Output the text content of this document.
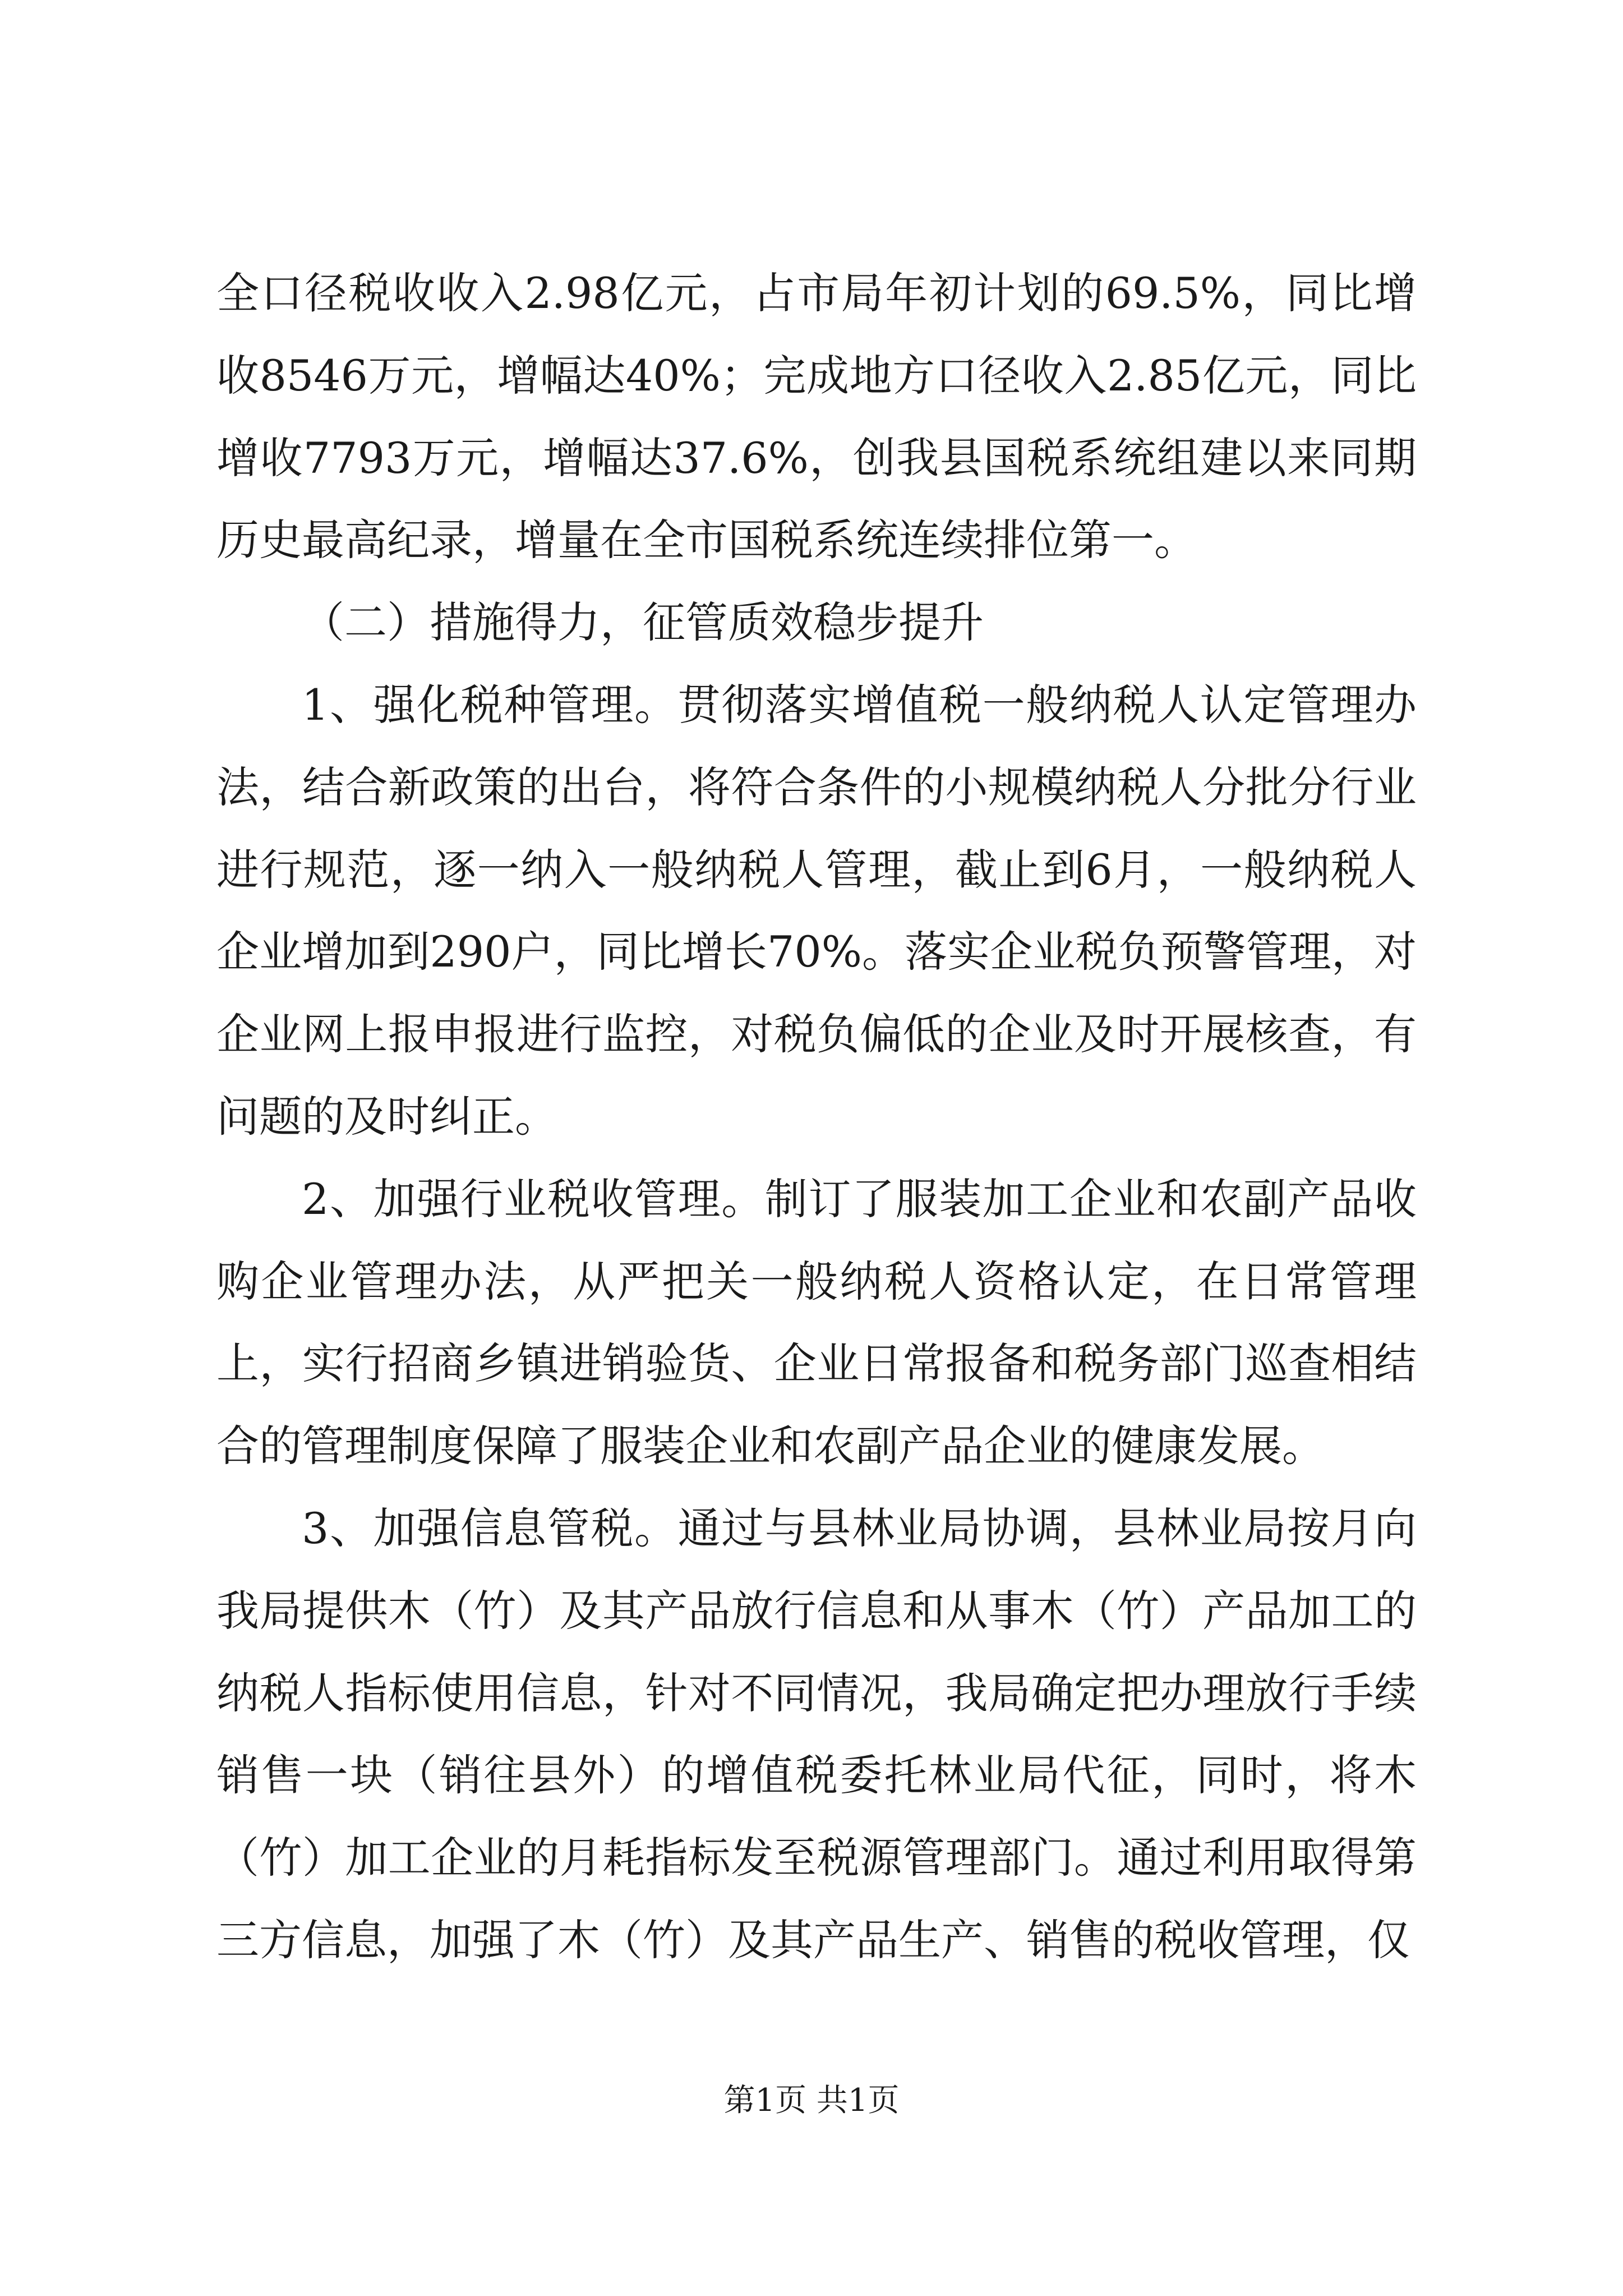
全口径税收收入2.98亿元，占市局年初计划的69.5%，同比增收8546万元，增幅达40%；完成地方口径收入2.85亿元，同比增收7793万元，增幅达37.6%，创我县国税系统组建以来同期历史最高纪录，增量在全市国税系统连续排位第一。

（二）措施得力，征管质效稳步提升

1、强化税种管理。贯彻落实增值税一般纳税人认定管理办法，结合新政策的出台，将符合条件的小规模纳税人分批分行业进行规范，逐一纳入一般纳税人管理，截止到6月，一般纳税人企业增加到290户，同比增长70%。落实企业税负预警管理，对企业网上报申报进行监控，对税负偏低的企业及时开展核查，有问题的及时纠正。

2、加强行业税收管理。制订了服装加工企业和农副产品收购企业管理办法，从严把关一般纳税人资格认定，在日常管理上，实行招商乡镇进销验货、企业日常报备和税务部门巡查相结合的管理制度保障了服装企业和农副产品企业的健康发展。

3、加强信息管税。通过与县林业局协调，县林业局按月向我局提供木（竹）及其产品放行信息和从事木（竹）产品加工的纳税人指标使用信息，针对不同情况，我局确定把办理放行手续销售一块（销往县外）的增值税委托林业局代征，同时，将木（竹）加工企业的月耗指标发至税源管理部门。通过利用取得第三方信息，加强了木（竹）及其产品生产、销售的税收管理，仅

第1页 共1页
